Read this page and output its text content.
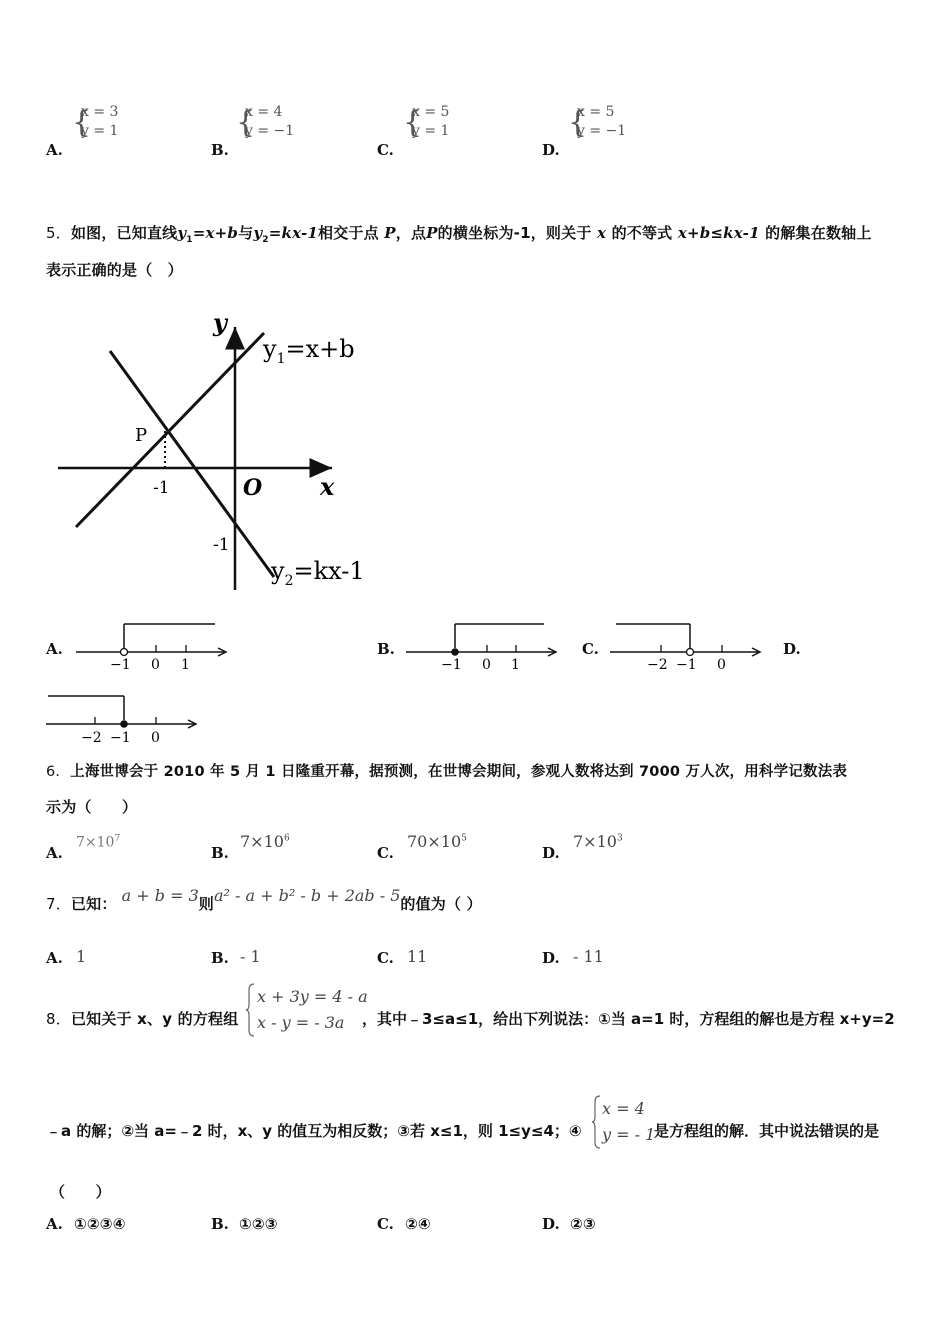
A.
{
x = 3
y = 1
B.
{
x = 4
y = −1
C.
{
x = 5
y = 1
D.
{
x = 5
y = −1
5．如图，已知直线$y_1=x+b$与$y_2=kx-1$相交于点 P，点P的横坐标为-1，则关于 x 的不等式 x+b≤kx-1 的解集在数轴上
表示正确的是（　）
y
x
O
P
-1
-1
$y_1=x+b$
$y_2=kx-1$
A.
−1 0 1
B.
−1 0 1
C.
−2 −1 0
D.
−2 −1 0
6．上海世博会于 2010 年 5 月 1 日隆重开幕，据预测，在世博会期间，参观人数将达到 7000 万人次，用科学记数法表
示为（　　）
A.
$7\times 10^7$
B.
$7\times 10^6$
C.
$70\times 10^5$
D.
$7\times 10^3$
7．已知： a + b = 3则a² - a + b² - b + 2ab - 5的值为（ ）
A. 1	B. - 1	C. 11	D. - 11
8．已知关于 x、y 的方程组
x + 3y = 4 - a
x - y = - 3a	，其中﹣3≤a≤1，给出下列说法：①当 a=1 时，方程组的解也是方程 x+y=2
﹣a 的解；②当 a=﹣2 时，x、y 的值互为相反数；③若 x≤1，则 1≤y≤4；④
x = 4
y = - 1
是方程组的解．其中说法错误的是
（　　）
A. ①②③④	B. ①②③	C. ②④	D. ②③
